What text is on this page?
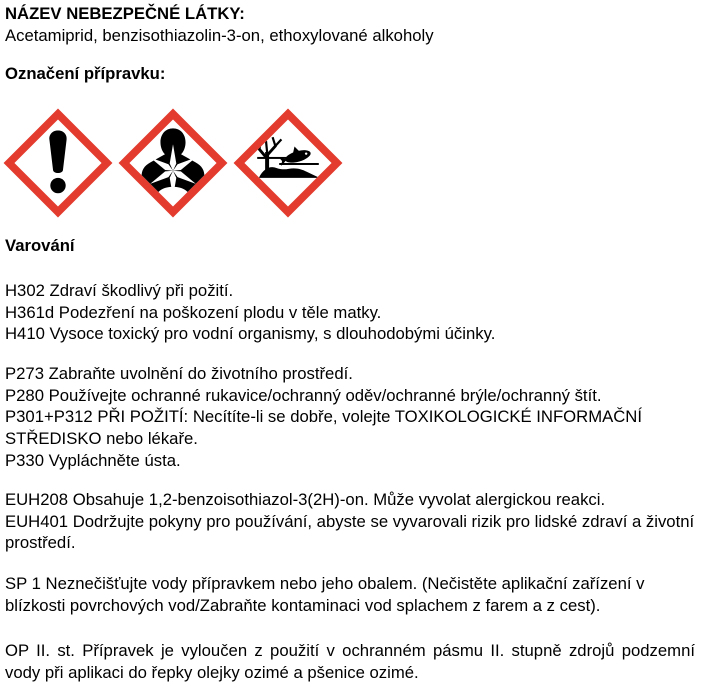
NÁZEV NEBEZPEČNÉ LÁTKY:
Acetamiprid, benzisothiazolin-3-on, ethoxylované alkoholy
Označení přípravku:

Varování

H302 Zdraví škodlivý při požití.

H361d Podezření na poškození plodu v těle matky.

H410 Vysoce toxický pro vodní organismy, s dlouhodobými účinky.

P273 Zabraňte uvolnění do životního prostředí.

P280 Používejte ochranné rukavice/ochranný oděv/ochranné brýle/ochranný štít.

P301+P312 PŘI POŽITÍ: Necítíte-li se dobře, volejte TOXIKOLOGICKÉ INFORMAČNÍ STŘEDISKO nebo lékaře.

P330 Vypláchněte ústa.

EUH208 Obsahuje 1,2-benzoisothiazol-3(2H)-on. Může vyvolat alergickou reakci.

EUH401 Dodržujte pokyny pro používání, abyste se vyvarovali rizik pro lidské zdraví a životní prostředí.

SP 1 Neznečišťujte vody přípravkem nebo jeho obalem. (Nečistěte aplikační zařízení v blízkosti povrchových vod/Zabraňte kontaminaci vod splachem z farem a z cest).

OP II. st. Přípravek je vyloučen z použití v ochranném pásmu II. stupně zdrojů podzemní vody při aplikaci do řepky olejky ozimé a pšenice ozimé.
